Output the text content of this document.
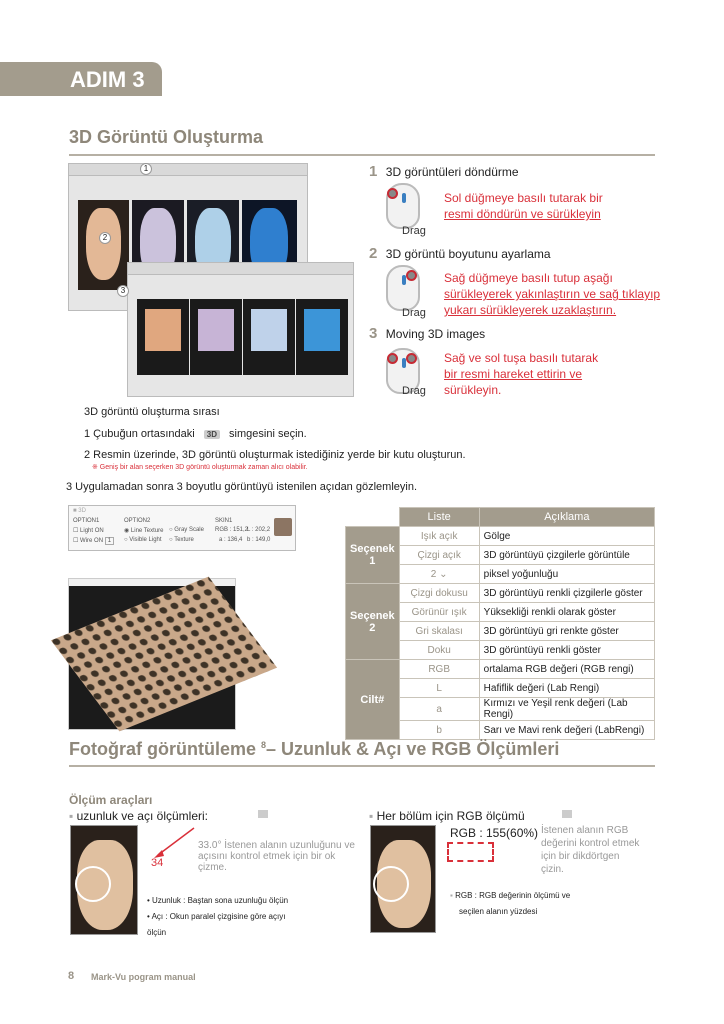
ADIM 3
3D Görüntü Oluşturma
1
2
3
1 3D görüntüleri döndürme
Drag
Sol düğmeye basılı tutarak bir
resmi döndürün ve sürükleyin
2 3D görüntü boyutunu ayarlama
Drag
Sağ düğmeye basılı tutup aşağı
sürükleyerek yakınlaştırın ve sağ tıklayıp
yukarı sürükleyerek uzaklaştırın.
3 Moving 3D images
Drag
Sağ ve sol tuşa basılı tutarak
bir resmi hareket ettirin ve
sürükleyin.
3D görüntü oluşturma sırası
1 Çubuğun ortasındaki 3D simgesini seçin.
2 Resmin üzerinde, 3D görüntü oluşturmak istediğiniz yerde bir kutu oluşturun.
※ Geniş bir alan seçerken 3D görüntü oluşturmak zaman alıcı olabilir.
3 Uygulamadan sonra 3 boyutlu görüntüyü istenilen açıdan gözlemleyin.
■ 3D
OPTION1
☐ Light ON
☐ Wire ON 1
OPTION2
◉ Line Texture ○ Gray Scale
○ Visible Light ○ Texture
SKIN1
RGB : 151,2
L : 202,2
a : 136,4 b : 149,0
	Liste	Açıklama
Seçenek 1	Işık açık	Gölge
	Çizgi açık	3D görüntüyü çizgilerle görüntüle
	2 ⌄	piksel yoğunluğu
Seçenek 2	Çizgi dokusu	3D görüntüyü renkli çizgilerle göster
	Görünür ışık	Yüksekliği renkli olarak göster
	Gri skalası	3D görüntüyü gri renkte göster
	Doku	3D görüntüyü renkli göster
Cilt#	RGB	ortalama RGB değeri (RGB rengi)
	L	Hafiflik değeri (Lab Rengi)
	a	Kırmızı ve Yeşil renk değeri (Lab Rengi)
	b	Sarı ve Mavi renk değeri (LabRengi)
Fotoğraf görüntüleme $^8$– Uzunluk & Açı ve RGB Ölçümleri
Ölçüm araçları
▪ uzunluk ve açı ölçümleri:
34
33.0° İstenen alanın uzunluğunu ve açısını kontrol etmek için bir ok çizme.
• Uzunluk : Baştan sona uzunluğu ölçün
• Açı : Okun paralel çizgisine göre açıyı
ölçün
▪ Her bölüm için RGB ölçümü
RGB : 155(60%) İstenen alanın RGB değerini kontrol etmek için bir dikdörtgen çizin.
▪ RGB : RGB değerinin ölçümü ve
seçilen alanın yüzdesi
8 Mark-Vu pogram manual
